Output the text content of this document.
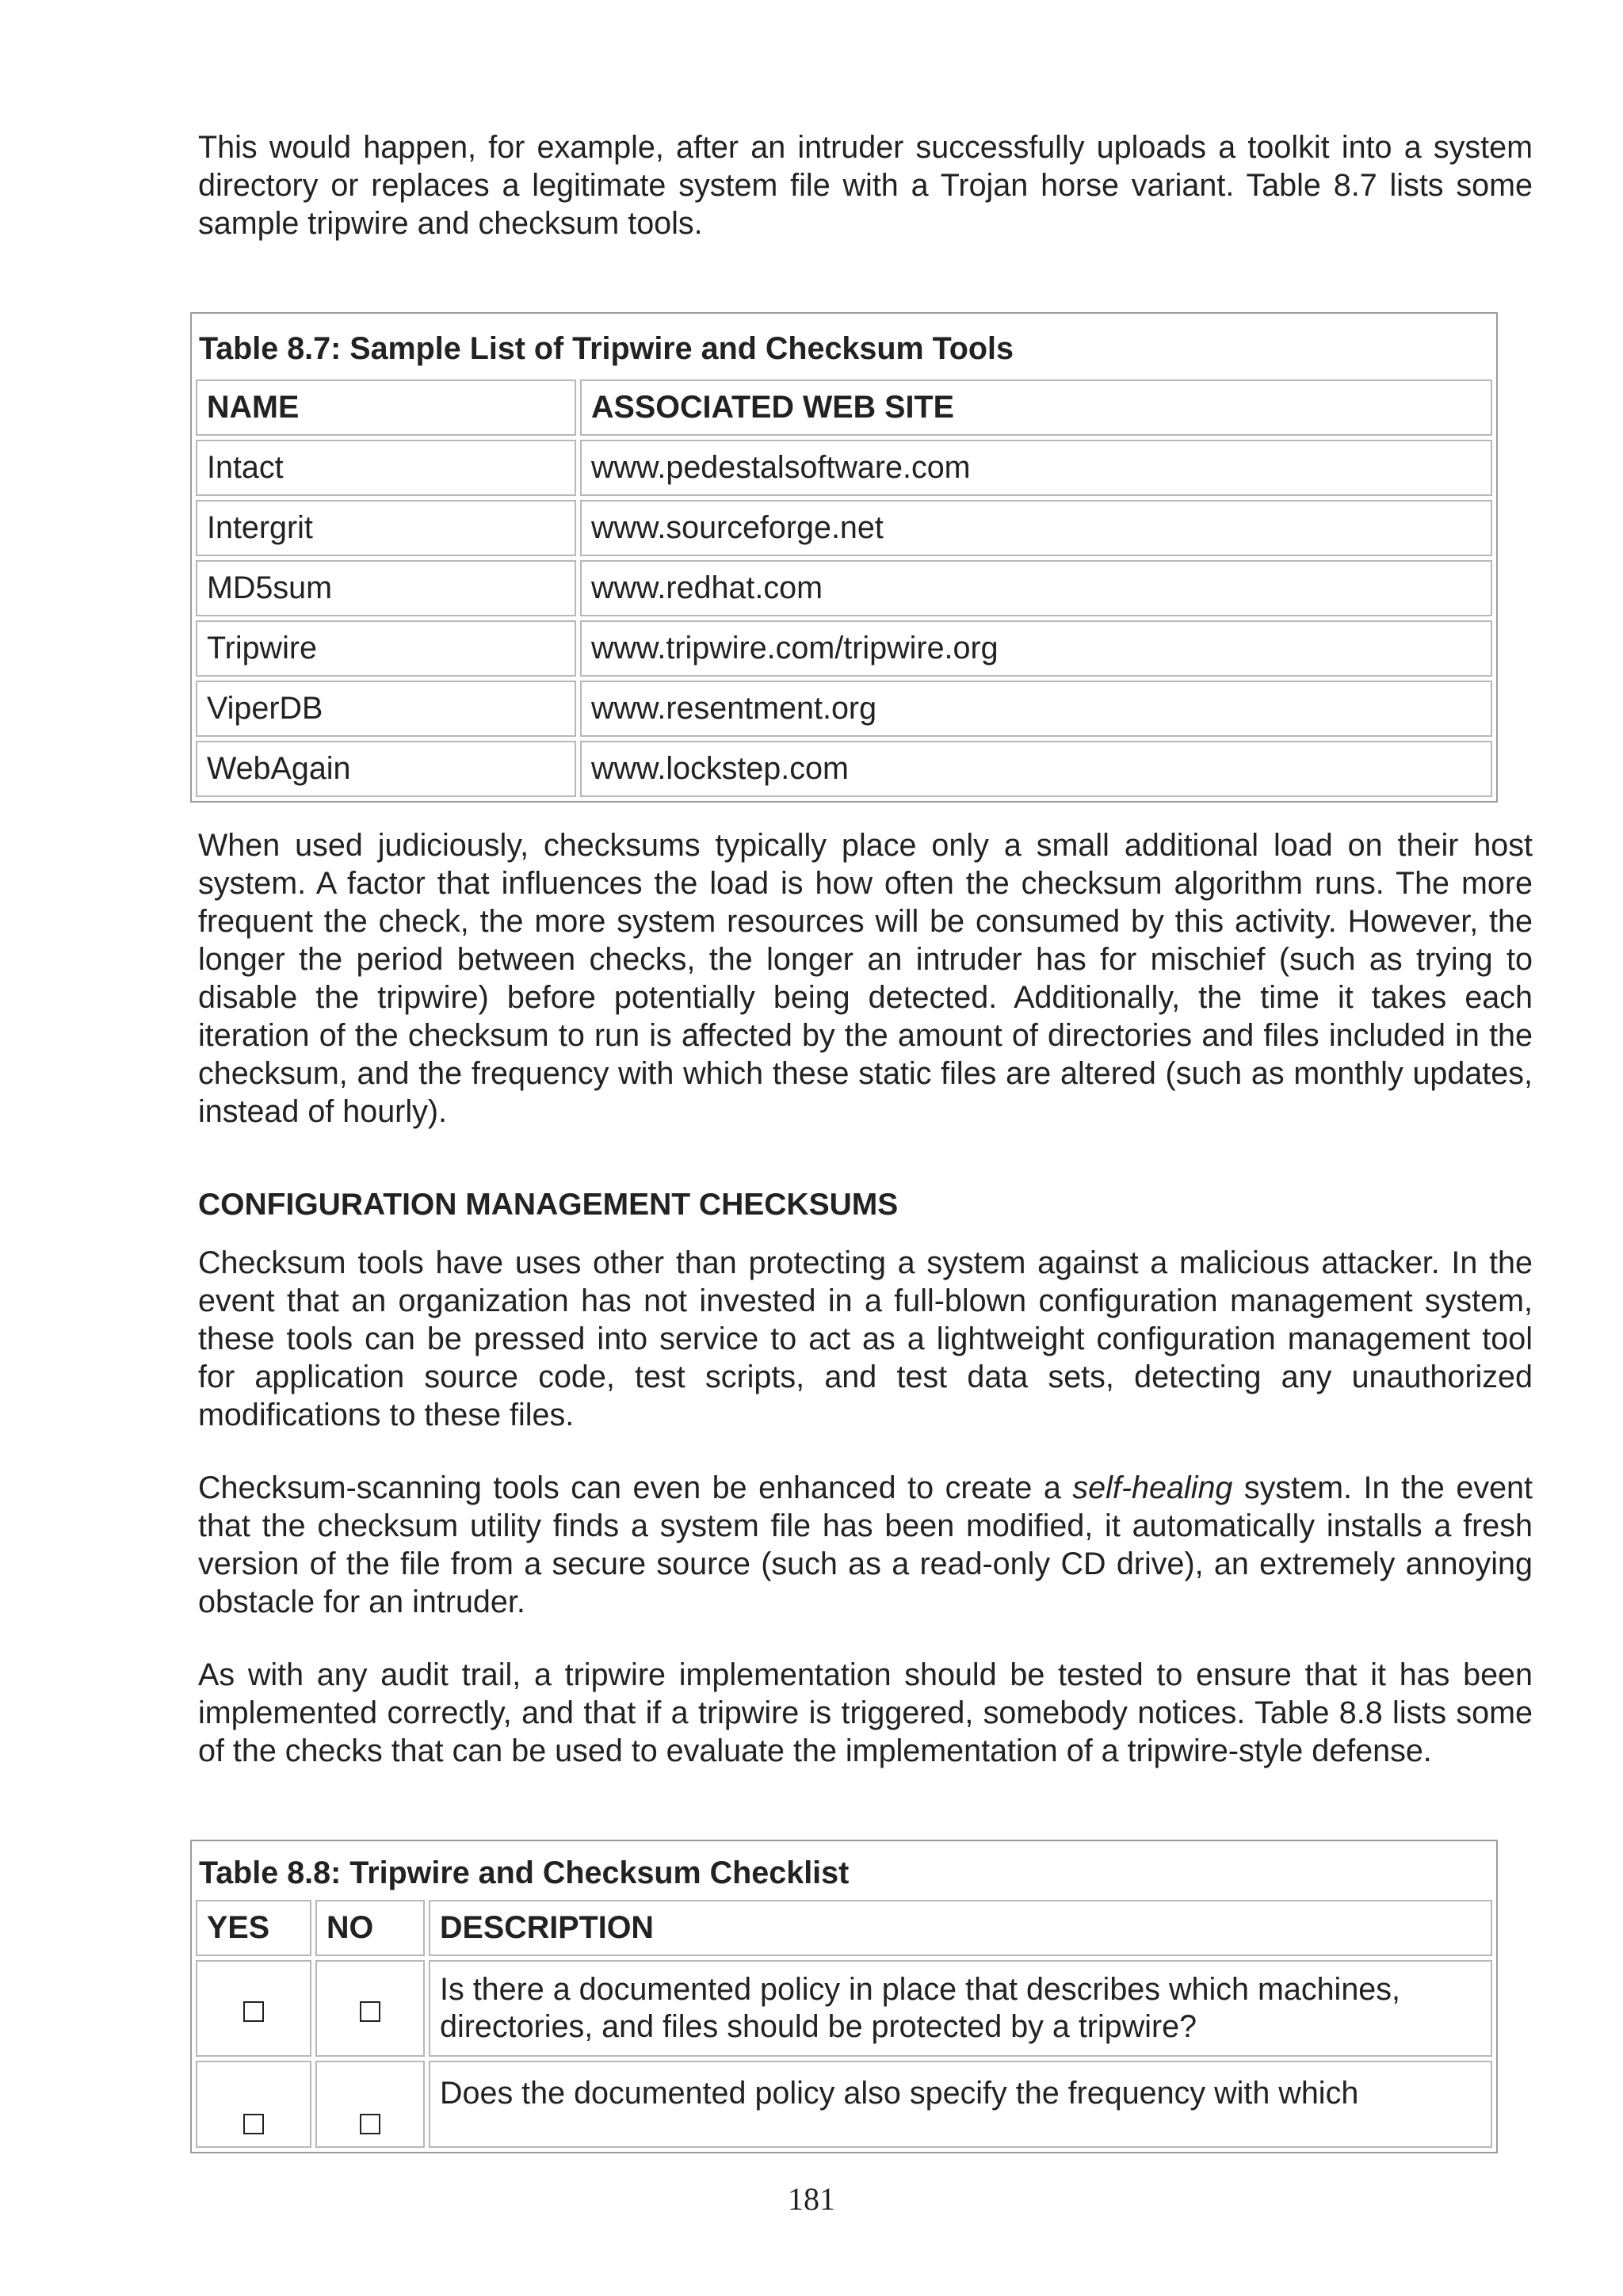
This would happen, for example, after an intruder successfully uploads a toolkit into a system directory or replaces a legitimate system file with a Trojan horse variant. Table 8.7 lists some sample tripwire and checksum tools.

Table 8.7: Sample List of Tripwire and Checksum Tools	
NAME	ASSOCIATED WEB SITE
Intact	www.pedestalsoftware.com
Intergrit	www.sourceforge.net
MD5sum	www.redhat.com
Tripwire	www.tripwire.com/tripwire.org
ViperDB	www.resentment.org
WebAgain	www.lockstep.com

When used judiciously, checksums typically place only a small additional load on their host system. A factor that influences the load is how often the checksum algorithm runs. The more frequent the check, the more system resources will be consumed by this activity. However, the longer the period between checks, the longer an intruder has for mischief (such as trying to disable the tripwire) before potentially being detected. Additionally, the time it takes each iteration of the checksum to run is affected by the amount of directories and files included in the checksum, and the frequency with which these static files are altered (such as monthly updates, instead of hourly).

CONFIGURATION MANAGEMENT CHECKSUMS

Checksum tools have uses other than protecting a system against a malicious attacker. In the event that an organization has not invested in a full-blown configuration management system, these tools can be pressed into service to act as a lightweight configuration management tool for application source code, test scripts, and test data sets, detecting any unauthorized modifications to these files.

Checksum-scanning tools can even be enhanced to create a self-healing system. In the event that the checksum utility finds a system file has been modified, it automatically installs a fresh version of the file from a secure source (such as a read-only CD drive), an extremely annoying obstacle for an intruder.

As with any audit trail, a tripwire implementation should be tested to ensure that it has been implemented correctly, and that if a tripwire is triggered, somebody notices. Table 8.8 lists some of the checks that can be used to evaluate the implementation of a tripwire-style defense.

Table 8.8: Tripwire and Checksum Checklist		
YES	NO	DESCRIPTION
		Is there a documented policy in place that describes which machines, directories, and files should be protected by a tripwire?
		Does the documented policy also specify the frequency with which
181
